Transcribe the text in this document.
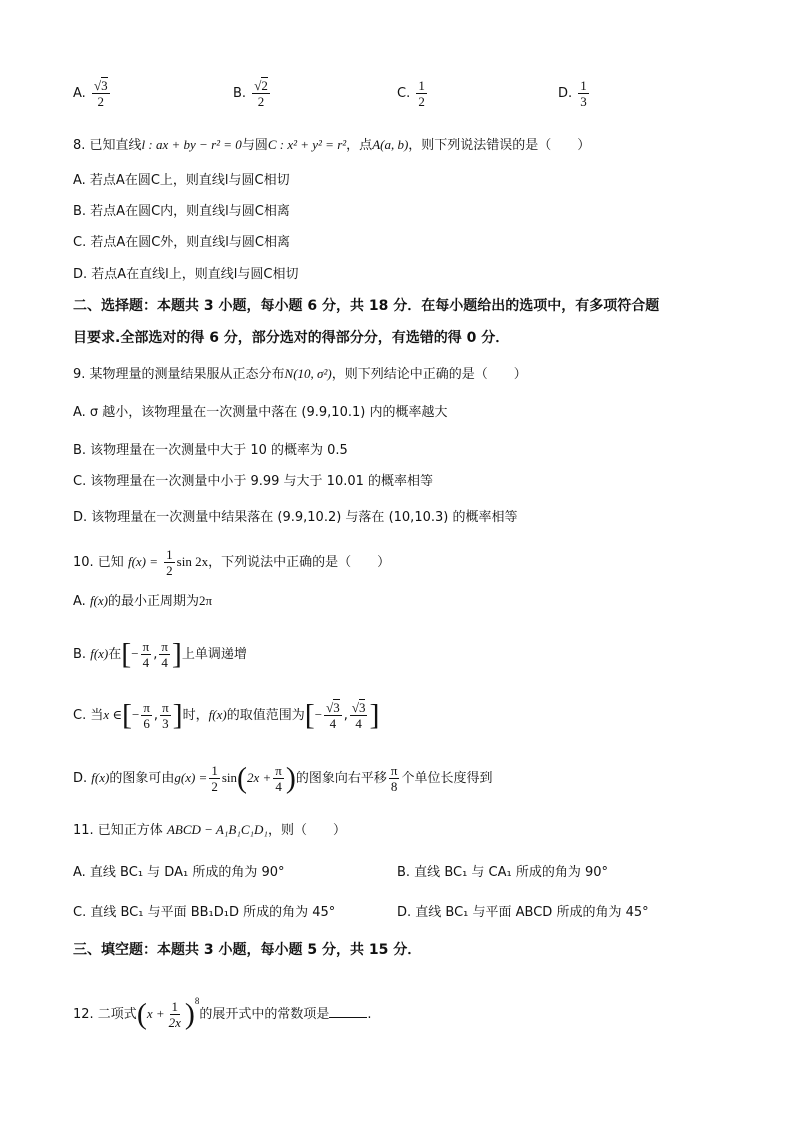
A. √ $\frac{3}{2}$	B. √ $\frac{2}{2}$	C. $\frac{1}{2}$	D. $\frac{1}{3}$
8. 已知直线l : ax + by − r² = 0与圆C : x² + y² = r²，点A(a, b)，则下列说法错误的是（　　）
A. 若点A在圆C上，则直线l与圆C相切
B. 若点A在圆C内，则直线l与圆C相离
C. 若点A在圆C外，则直线l与圆C相离
D. 若点A在直线l上，则直线l与圆C相切
二、选择题：本题共 3 小题，每小题 6 分，共 18 分．在每小题给出的选项中，有多项符合题
目要求.全部选对的得 6 分，部分选对的得部分分，有选错的得 0 分．
9. 某物理量的测量结果服从正态分布N(10, σ²)，则下列结论中正确的是（　　）
A. σ 越小，该物理量在一次测量中落在 (9.9,10.1) 内的概率越大
B. 该物理量在一次测量中大于 10 的概率为 0.5
C. 该物理量在一次测量中小于 9.99 与大于 10.01 的概率相等
D. 该物理量在一次测量中结果落在 (9.9,10.2) 与落在 (10,10.3) 的概率相等
10. 已知 $f(x) = \frac{1}{2}$ sin 2x，下列说法中正确的是（　　）
A. f(x)的最小正周期为2π
B. f(x)在[− $\frac{\pi}{4}$ , $\frac{\pi}{4}$ ]上单调递增
C. 当x ∈[− $\frac{\pi}{6}$ , $\frac{\pi}{3}$ ]时，f(x)的取值范围为[− √ $\frac{3}{4}$ , √ $\frac{3}{4}$ ]
D. f(x)的图象可由$g(x) = \frac{1}{2} \sin(2x + \frac{\pi}{4}$ )的图象向右平移 $\frac{\pi}{8}$ 个单位长度得到
11. 已知正方体 ABCD − A₁B₁C₁D₁，则（　　）
A. 直线 BC₁ 与 DA₁ 所成的角为 90°	B. 直线 BC₁ 与 CA₁ 所成的角为 90°
C. 直线 BC₁ 与平面 BB₁D₁D 所成的角为 45°	D. 直线 BC₁ 与平面 ABCD 所成的角为 45°
三、填空题：本题共 3 小题，每小题 5 分，共 15 分．
12. 二项式$(x + \frac{1}{2x} )^8$的展开式中的常数项是	.
